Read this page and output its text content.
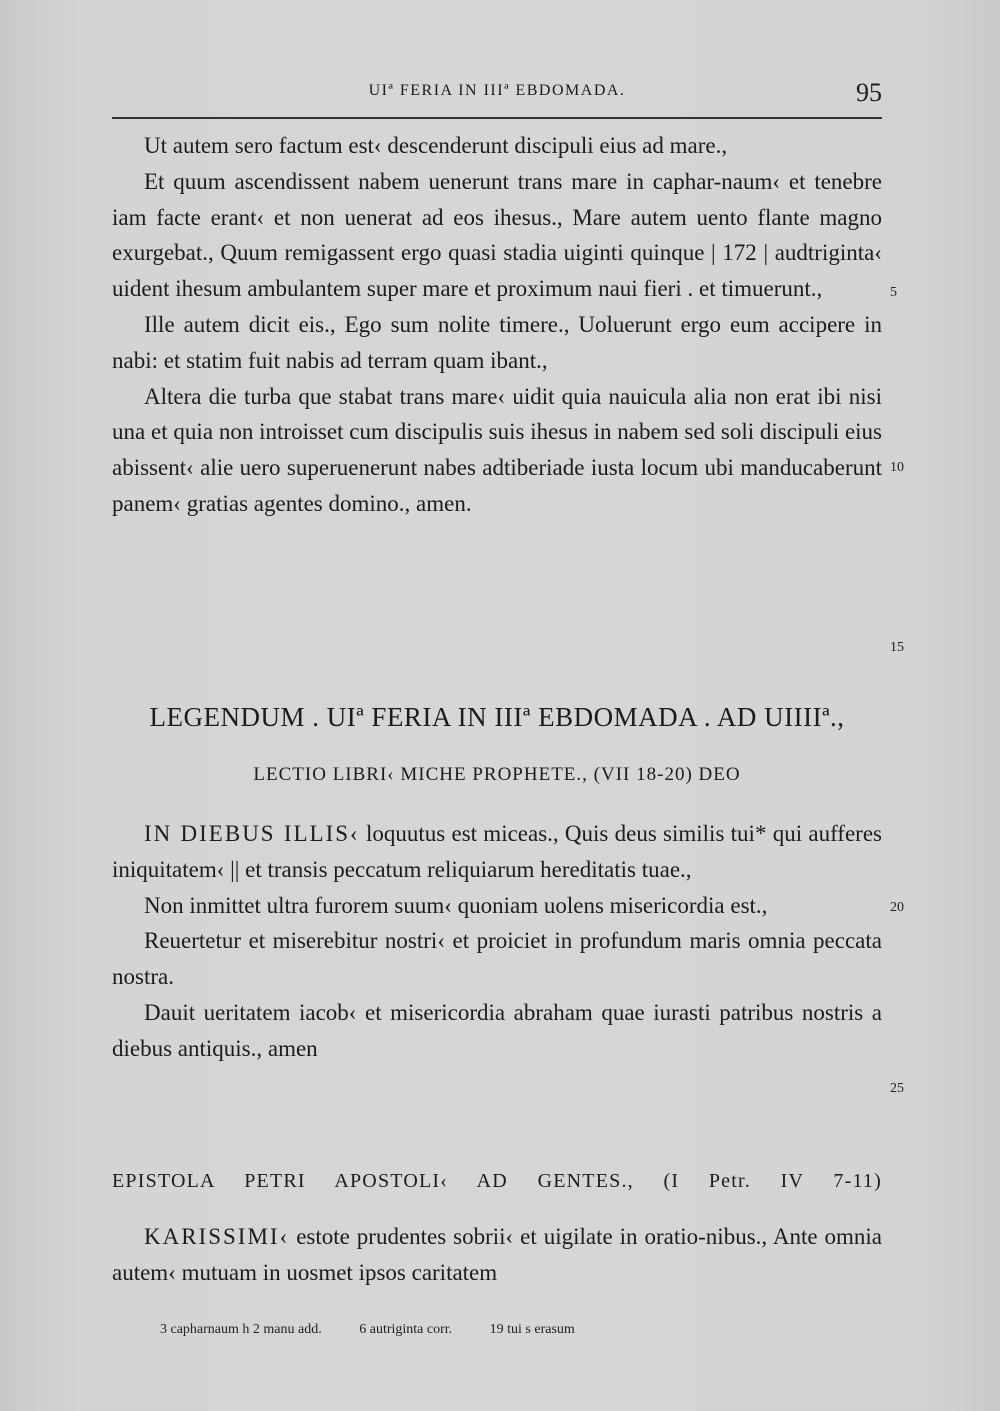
UIª FERIA IN IIIª EBDOMADA.	95

Ut autem sero factum est‹ descenderunt discipuli eius ad mare.,

Et quum ascendissent nabem uenerunt trans mare in caphar-naum‹ et tenebre iam facte erant‹ et non uenerat ad eos ihesus., Mare autem uento flante magno exurgebat., Quum remigassent ergo quasi stadia uiginti quinque | 172 | audtriginta‹ uident ihesum ambulantem super mare et proximum naui fieri . et timuerunt.,

Ille autem dicit eis., Ego sum nolite timere., Uoluerunt ergo eum accipere in nabi: et statim fuit nabis ad terram quam ibant.,

Altera die turba que stabat trans mare‹ uidit quia nauicula alia non erat ibi nisi una et quia non introisset cum discipulis suis ihesus in nabem sed soli discipuli eius abissent‹ alie uero superuenerunt nabes adtiberiade iusta locum ubi manducaberunt panem‹ gratias agentes domino., amen.

5
10
15
20
25
LEGENDUM . UIª FERIA IN IIIª EBDOMADA . AD UIIIIª.,
LECTIO LIBRI‹ MICHE PROPHETE., (VII 18-20) DEO

IN DIEBUS ILLIS‹ loquutus est miceas., Quis deus similis tui* qui aufferes iniquitatem‹ || et transis peccatum reliquiarum hereditatis tuae.,

Non inmittet ultra furorem suum‹ quoniam uolens misericordia est.,

Reuertetur et miserebitur nostri‹ et proiciet in profundum maris omnia peccata nostra.

Dauit ueritatem iacob‹ et misericordia abraham quae iurasti patribus nostris a diebus antiquis., amen

EPISTOLA PETRI APOSTOLI‹ AD GENTES., (I Petr. IV 7-11)

KARISSIMI‹ estote prudentes sobrii‹ et uigilate in oratio-nibus., Ante omnia autem‹ mutuam in uosmet ipsos caritatem

3 capharnaum h 2 manu add.	6 autriginta corr.	19 tui s erasum
